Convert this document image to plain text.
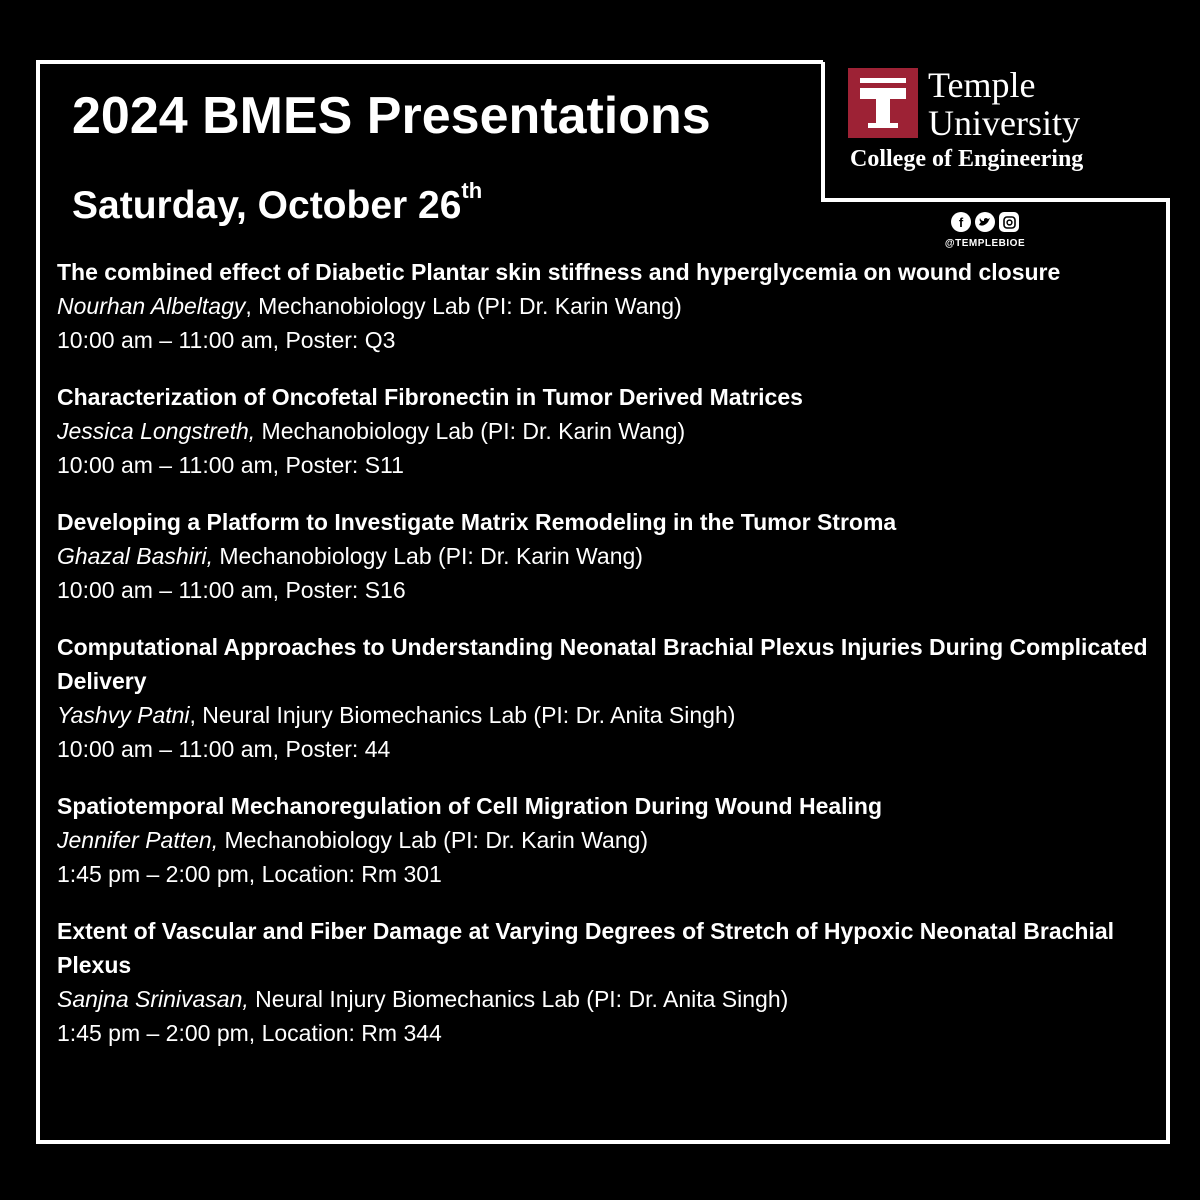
2024 BMES Presentations
Saturday, October 26th
Temple
University
College of Engineering
f
@TEMPLEBIOE
The combined effect of Diabetic Plantar skin stiffness and hyperglycemia on wound closure
Nourhan Albeltagy, Mechanobiology Lab (PI: Dr. Karin Wang)
10:00 am – 11:00 am, Poster: Q3
Characterization of Oncofetal Fibronectin in Tumor Derived Matrices
Jessica Longstreth, Mechanobiology Lab (PI: Dr. Karin Wang)
10:00 am – 11:00 am, Poster: S11
Developing a Platform to Investigate Matrix Remodeling in the Tumor Stroma
Ghazal Bashiri, Mechanobiology Lab (PI: Dr. Karin Wang)
10:00 am – 11:00 am, Poster: S16
Computational Approaches to Understanding Neonatal Brachial Plexus Injuries During Complicated Delivery
Yashvy Patni, Neural Injury Biomechanics Lab (PI: Dr. Anita Singh)
10:00 am – 11:00 am, Poster: 44
Spatiotemporal Mechanoregulation of Cell Migration During Wound Healing
Jennifer Patten, Mechanobiology Lab (PI: Dr. Karin Wang)
1:45 pm – 2:00 pm, Location: Rm 301
Extent of Vascular and Fiber Damage at Varying Degrees of Stretch of Hypoxic Neonatal Brachial Plexus
Sanjna Srinivasan, Neural Injury Biomechanics Lab (PI: Dr. Anita Singh)
1:45 pm – 2:00 pm, Location: Rm 344
